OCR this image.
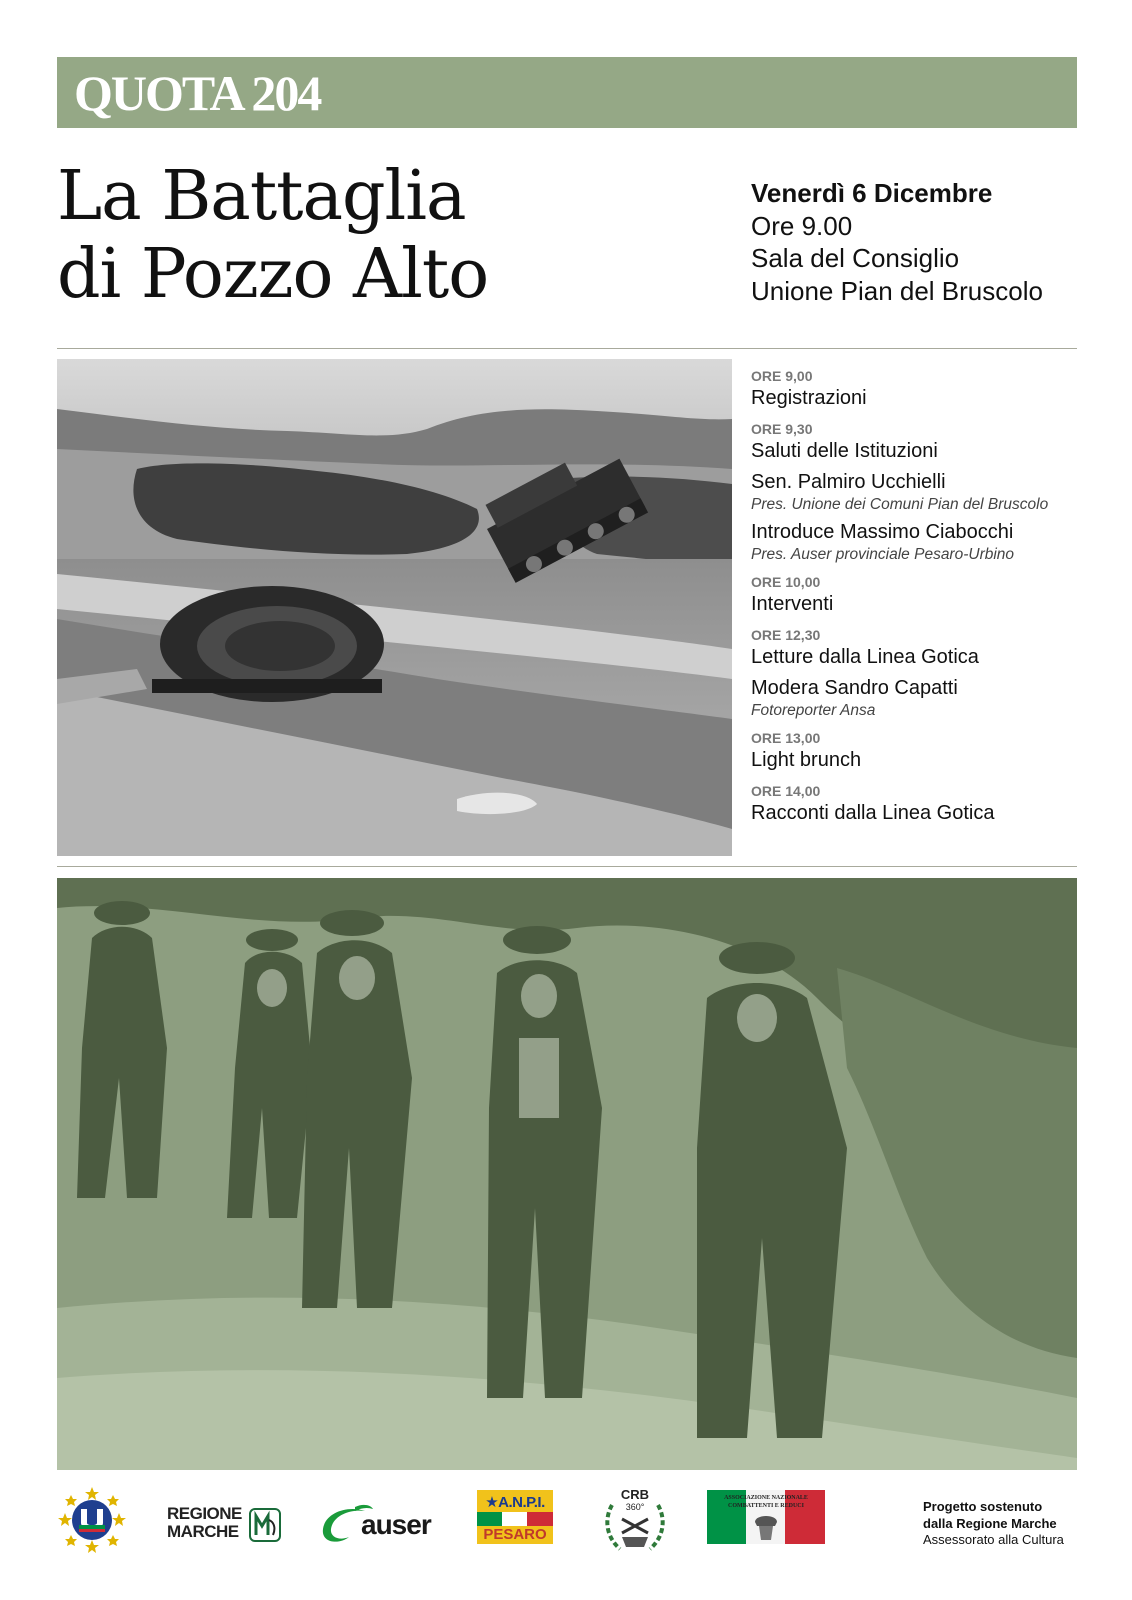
QUOTA 204
La Battaglia
di Pozzo Alto
Venerdì 6 Dicembre
Ore 9.00
Sala del Consiglio
Unione Pian del Bruscolo
ORE 9,00
Registrazioni
ORE 9,30
Saluti delle Istituzioni
Sen. Palmiro Ucchielli
Pres. Unione dei Comuni Pian del Bruscolo
Introduce Massimo Ciabocchi
Pres. Auser provinciale Pesaro-Urbino
ORE 10,00
Interventi
ORE 12,30
Letture dalla Linea Gotica
Modera Sandro Capatti
Fotoreporter Ansa
ORE 13,00
Light brunch
ORE 14,00
Racconti dalla Linea Gotica
REGIONE
MARCHE	auser
★A.N.P.I.
PESARO
CRB
360°
ASSOCIAZIONE NAZIONALE
COMBATTENTI E REDUCI	Progetto sostenuto
dalla Regione Marche
Assessorato alla Cultura
